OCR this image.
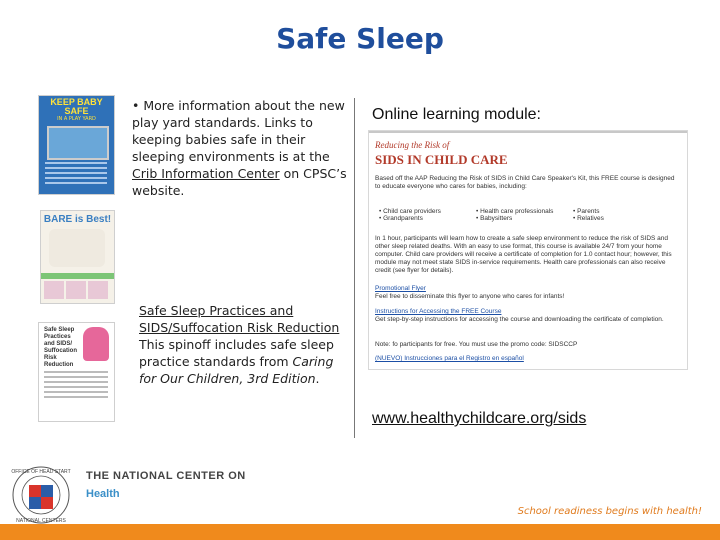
Safe Sleep
KEEP BABY SAFE
IN A PLAY YARD
BARE is Best!
Safe Sleep Practices and SIDS/ Suffocation Risk Reduction
• More information about the new play yard standards. Links to keeping babies safe in their sleeping environments is at the Crib Information Center on CPSC’s website.
Safe Sleep Practices and SIDS/Suffocation Risk Reduction This spinoff includes safe sleep practice standards from Caring for Our Children, 3rd Edition.
Online learning module:
Reducing the Risk of
SIDS IN CHILD CARE
Based off the AAP Reducing the Risk of SIDS in Child Care Speaker's Kit, this FREE course is designed to educate everyone who cares for babies, including:
• Child care providers	• Health care professionals	• Parents
• Grandparents	• Babysitters	• Relatives
In 1 hour, participants will learn how to create a safe sleep environment to reduce the risk of SIDS and other sleep related deaths. With an easy to use format, this course is available 24/7 from your home computer. Child care providers will receive a certificate of completion for 1.0 contact hour; however, this module may not meet state SIDS in-service requirements. Health care professionals can also receive credit (see flyer for details).
Promotional Flyer
Feel free to disseminate this flyer to anyone who cares for infants!
Instructions for Accessing the FREE Course
Get step-by-step instructions for accessing the course and downloading the certificate of completion.
Note: fo participants for free. You must use the promo code: SIDSCCP
(NUEVO) Instrucciones para el Registro en español
www.healthychildcare.org/sids
OFFICE OF HEAD START
NATIONAL CENTERS
THE NATIONAL CENTER ON
Health
School readiness begins with health!
